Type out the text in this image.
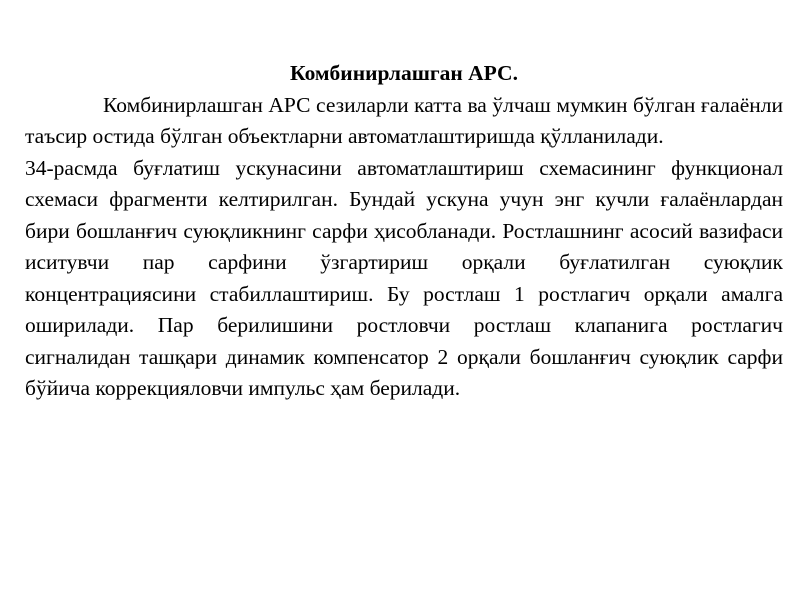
Комбинирлашган АРС.

Комбинирлашган АРС сезиларли катта ва ўлчаш мумкин бўлган ғалаёнли таъсир остида бўлган объектларни автоматлаштиришда қўлланилади.

34-расмда буғлатиш ускунасини автоматлаштириш схемасининг функционал схемаси фрагменти келтирилган. Бундай ускуна учун энг кучли ғалаёнлардан бири бошланғич суюқликнинг сарфи ҳисобланади. Ростлашнинг асосий вазифаси иситувчи пар сарфини ўзгартириш орқали буғлатилган суюқлик концентрациясини стабиллаштириш. Бу ростлаш 1 ростлагич орқали амалга оширилади. Пар берилишини ростловчи ростлаш клапанига ростлагич сигналидан ташқари динамик компенсатор 2 орқали бошланғич суюқлик сарфи бўйича коррекцияловчи импульс ҳам берилади.
